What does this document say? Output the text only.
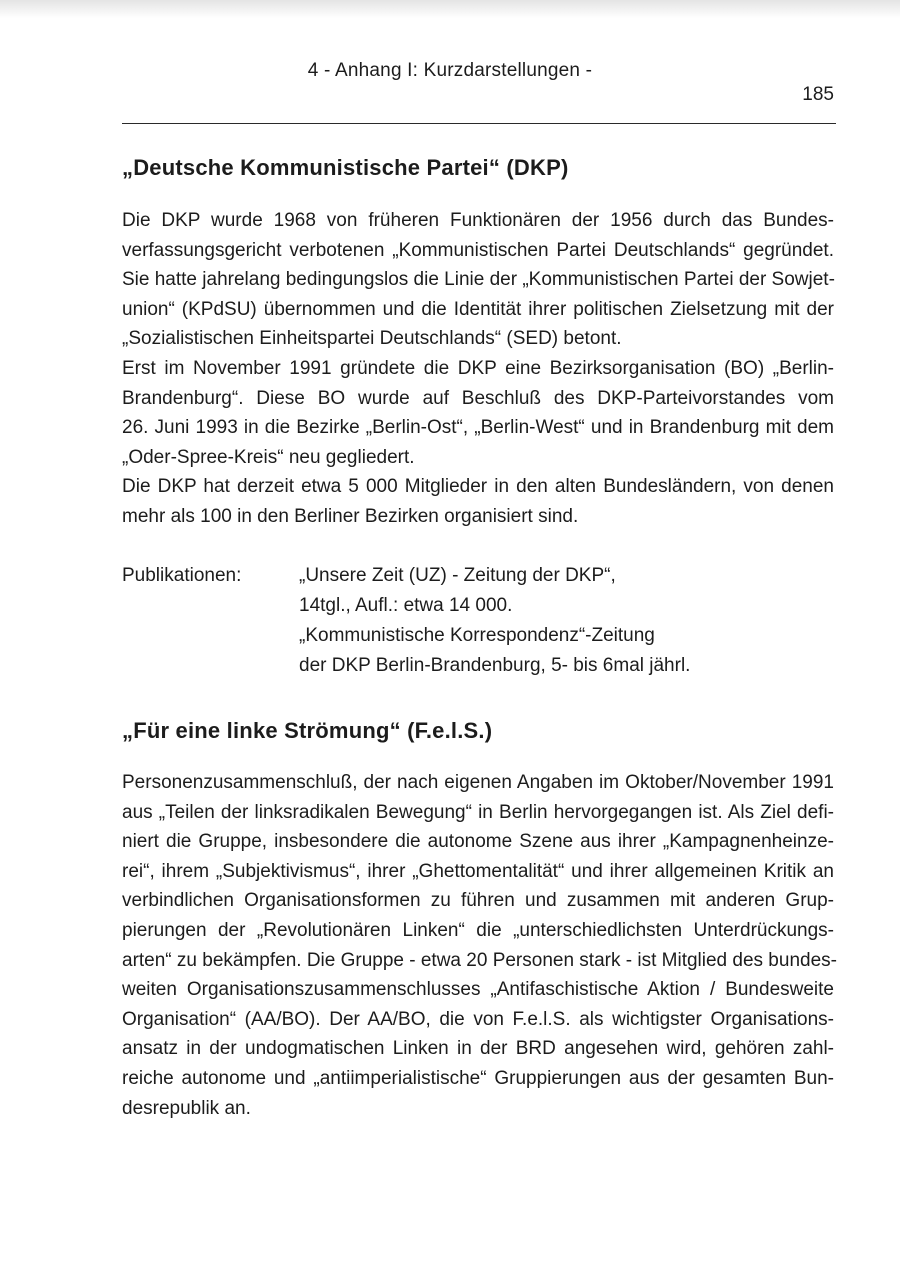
4 - Anhang I: Kurzdarstellungen -
185
„Deutsche Kommunistische Partei“ (DKP)
Die DKP wurde 1968 von früheren Funktionären der 1956 durch das Bundes-
verfassungsgericht verbotenen „Kommunistischen Partei Deutschlands“ gegründet.
Sie hatte jahrelang bedingungslos die Linie der „Kommunistischen Partei der Sowjet-
union“ (KPdSU) übernommen und die Identität ihrer politischen Zielsetzung mit der
„Sozialistischen Einheitspartei Deutschlands“ (SED) betont.
Erst im November 1991 gründete die DKP eine Bezirksorganisation (BO) „Berlin-
Brandenburg“. Diese BO wurde auf Beschluß des DKP-Parteivorstandes vom
26. Juni 1993 in die Bezirke „Berlin-Ost“, „Berlin-West“ und in Brandenburg mit dem
„Oder-Spree-Kreis“ neu gegliedert.
Die DKP hat derzeit etwa 5 000 Mitglieder in den alten Bundesländern, von denen
mehr als 100 in den Berliner Bezirken organisiert sind.
Publikationen:	„Unsere Zeit (UZ) - Zeitung der DKP“,
14tgl., Aufl.: etwa 14 000.
„Kommunistische Korrespondenz“-Zeitung
der DKP Berlin-Brandenburg, 5- bis 6mal jährl.
„Für eine linke Strömung“ (F.e.l.S.)
Personenzusammenschluß, der nach eigenen Angaben im Oktober/November 1991
aus „Teilen der linksradikalen Bewegung“ in Berlin hervorgegangen ist. Als Ziel defi-
niert die Gruppe, insbesondere die autonome Szene aus ihrer „Kampagnenheinze-
rei“, ihrem „Subjektivismus“, ihrer „Ghettomentalität“ und ihrer allgemeinen Kritik an
verbindlichen Organisationsformen zu führen und zusammen mit anderen Grup-
pierungen der „Revolutionären Linken“ die „unterschiedlichsten Unterdrückungs-
arten“ zu bekämpfen. Die Gruppe - etwa 20 Personen stark - ist Mitglied des bundes-
weiten Organisationszusammenschlusses „Antifaschistische Aktion / Bundesweite
Organisation“ (AA/BO). Der AA/BO, die von F.e.l.S. als wichtigster Organisations-
ansatz in der undogmatischen Linken in der BRD angesehen wird, gehören zahl-
reiche autonome und „antiimperialistische“ Gruppierungen aus der gesamten Bun-
desrepublik an.
